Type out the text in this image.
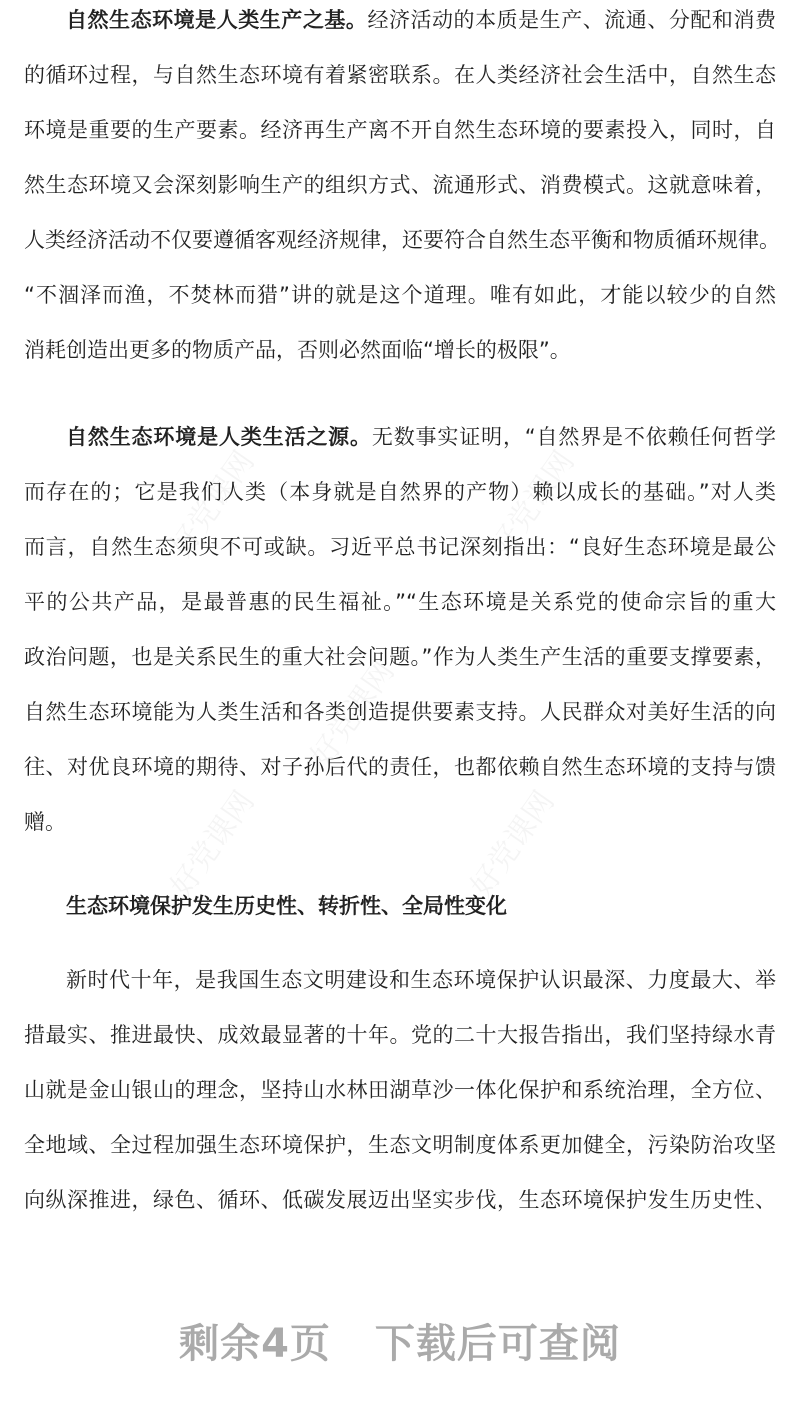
自然生态环境是人类生产之基。经济活动的本质是生产、流通、分配和消费
的循环过程，与自然生态环境有着紧密联系。在人类经济社会生活中，自然生态
环境是重要的生产要素。经济再生产离不开自然生态环境的要素投入，同时，自
然生态环境又会深刻影响生产的组织方式、流通形式、消费模式。这就意味着，
人类经济活动不仅要遵循客观经济规律，还要符合自然生态平衡和物质循环规律。
“不涸泽而渔，不焚林而猎”讲的就是这个道理。唯有如此，才能以较少的自然
消耗创造出更多的物质产品，否则必然面临“增长的极限”。
自然生态环境是人类生活之源。无数事实证明，“自然界是不依赖任何哲学
而存在的；它是我们人类（本身就是自然界的产物）赖以成长的基础。”对人类
而言，自然生态须臾不可或缺。习近平总书记深刻指出：“良好生态环境是最公
平的公共产品，是最普惠的民生福祉。”“生态环境是关系党的使命宗旨的重大
政治问题，也是关系民生的重大社会问题。”作为人类生产生活的重要支撑要素，
自然生态环境能为人类生活和各类创造提供要素支持。人民群众对美好生活的向
往、对优良环境的期待、对子孙后代的责任，也都依赖自然生态环境的支持与馈
赠。
生态环境保护发生历史性、转折性、全局性变化
新时代十年，是我国生态文明建设和生态环境保护认识最深、力度最大、举
措最实、推进最快、成效最显著的十年。党的二十大报告指出，我们坚持绿水青
山就是金山银山的理念，坚持山水林田湖草沙一体化保护和系统治理，全方位、
全地域、全过程加强生态环境保护，生态文明制度体系更加健全，污染防治攻坚
向纵深推进，绿色、循环、低碳发展迈出坚实步伐，生态环境保护发生历史性、
剩余4页 下载后可查阅
